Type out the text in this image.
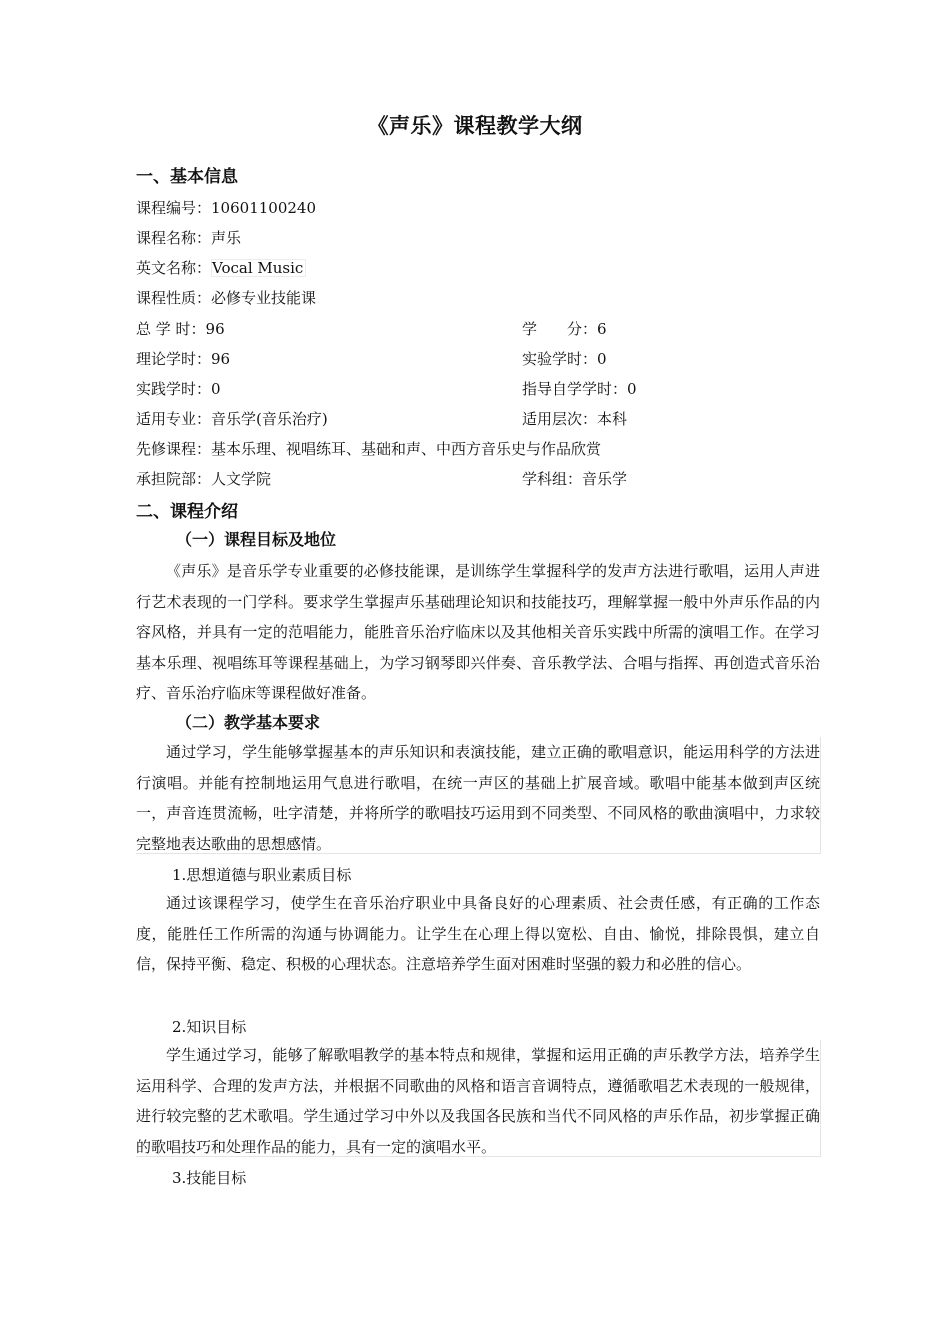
《声乐》课程教学大纲
一、基本信息
课程编号：10601100240
课程名称：声乐
英文名称：Vocal Music
课程性质：必修专业技能课
总 学 时：96	学　　分：6
理论学时：96	实验学时：0
实践学时：0	指导自学学时：0
适用专业：音乐学(音乐治疗)	适用层次：本科
先修课程：基本乐理、视唱练耳、基础和声、中西方音乐史与作品欣赏
承担院部：人文学院	学科组：音乐学
二、课程介绍
（一）课程目标及地位
《声乐》是音乐学专业重要的必修技能课，是训练学生掌握科学的发声方法进行歌唱，运用人声进行艺术表现的一门学科。要求学生掌握声乐基础理论知识和技能技巧，理解掌握一般中外声乐作品的内容风格，并具有一定的范唱能力，能胜音乐治疗临床以及其他相关音乐实践中所需的演唱工作。在学习基本乐理、视唱练耳等课程基础上，为学习钢琴即兴伴奏、音乐教学法、合唱与指挥、再创造式音乐治疗、音乐治疗临床等课程做好准备。
（二）教学基本要求
通过学习，学生能够掌握基本的声乐知识和表演技能，建立正确的歌唱意识，能运用科学的方法进行演唱。并能有控制地运用气息进行歌唱，在统一声区的基础上扩展音域。歌唱中能基本做到声区统一，声音连贯流畅，吐字清楚，并将所学的歌唱技巧运用到不同类型、不同风格的歌曲演唱中，力求较完整地表达歌曲的思想感情。
1.思想道德与职业素质目标
通过该课程学习，使学生在音乐治疗职业中具备良好的心理素质、社会责任感，有正确的工作态度，能胜任工作所需的沟通与协调能力。让学生在心理上得以宽松、自由、愉悦，排除畏惧，建立自信，保持平衡、稳定、积极的心理状态。注意培养学生面对困难时坚强的毅力和必胜的信心。
2.知识目标
学生通过学习，能够了解歌唱教学的基本特点和规律，掌握和运用正确的声乐教学方法，培养学生运用科学、合理的发声方法，并根据不同歌曲的风格和语言音调特点，遵循歌唱艺术表现的一般规律，进行较完整的艺术歌唱。学生通过学习中外以及我国各民族和当代不同风格的声乐作品，初步掌握正确的歌唱技巧和处理作品的能力，具有一定的演唱水平。
3.技能目标
